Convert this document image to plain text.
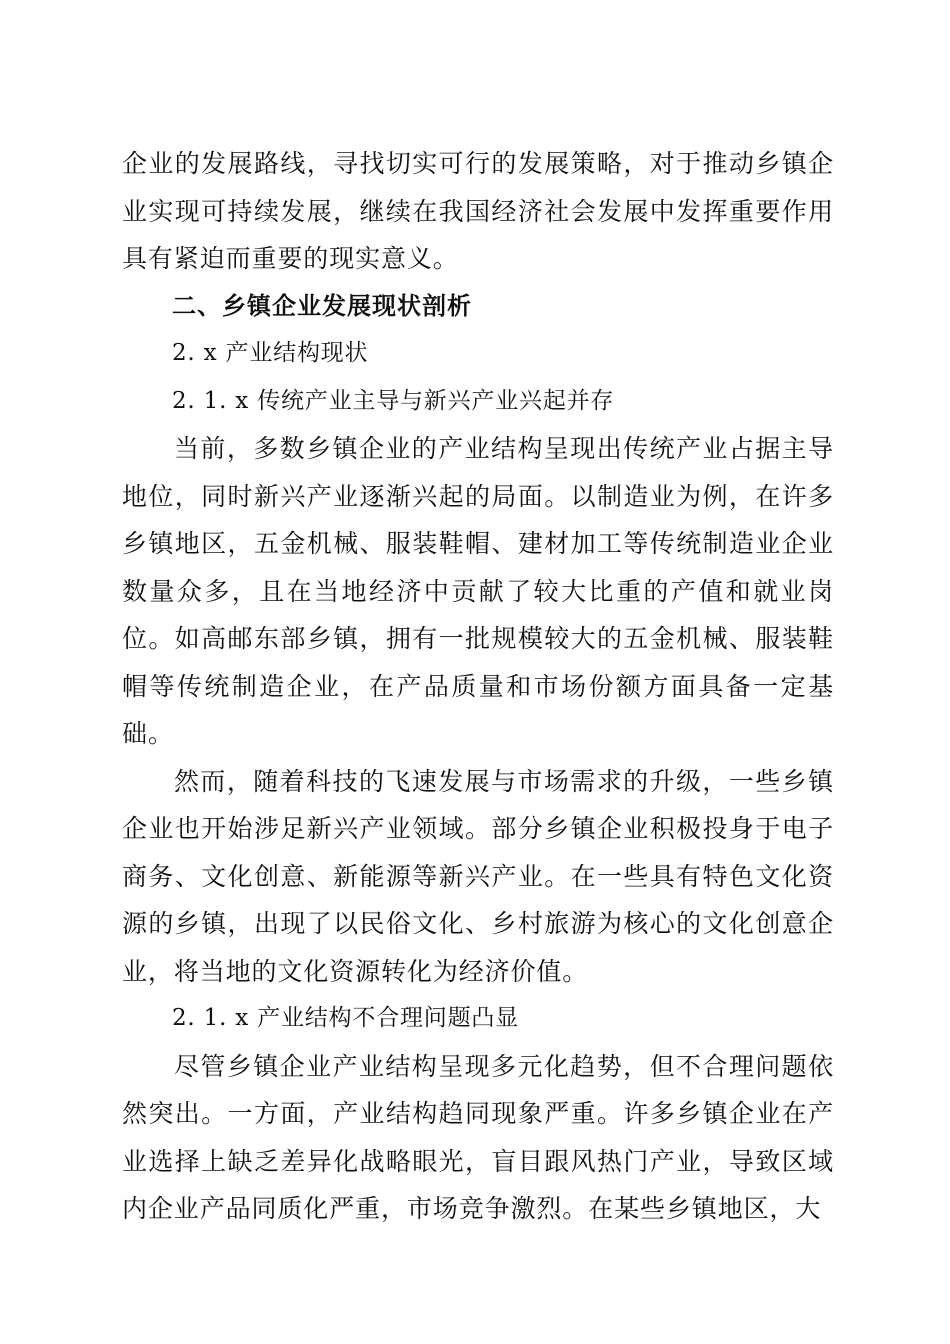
企业的发展路线，寻找切实可行的发展策略，对于推动乡镇企业实现可持续发展，继续在我国经济社会发展中发挥重要作用具有紧迫而重要的现实意义。

二、乡镇企业发展现状剖析

2. x 产业结构现状

2. 1. x 传统产业主导与新兴产业兴起并存

当前，多数乡镇企业的产业结构呈现出传统产业占据主导地位，同时新兴产业逐渐兴起的局面。以制造业为例，在许多乡镇地区，五金机械、服装鞋帽、建材加工等传统制造业企业数量众多，且在当地经济中贡献了较大比重的产值和就业岗位。如高邮东部乡镇，拥有一批规模较大的五金机械、服装鞋帽等传统制造企业，在产品质量和市场份额方面具备一定基础。

然而，随着科技的飞速发展与市场需求的升级，一些乡镇企业也开始涉足新兴产业领域。部分乡镇企业积极投身于电子商务、文化创意、新能源等新兴产业。在一些具有特色文化资源的乡镇，出现了以民俗文化、乡村旅游为核心的文化创意企业，将当地的文化资源转化为经济价值。

2. 1. x 产业结构不合理问题凸显

尽管乡镇企业产业结构呈现多元化趋势，但不合理问题依然突出。一方面，产业结构趋同现象严重。许多乡镇企业在产业选择上缺乏差异化战略眼光，盲目跟风热门产业，导致区域内企业产品同质化严重，市场竞争激烈。在某些乡镇地区，大
